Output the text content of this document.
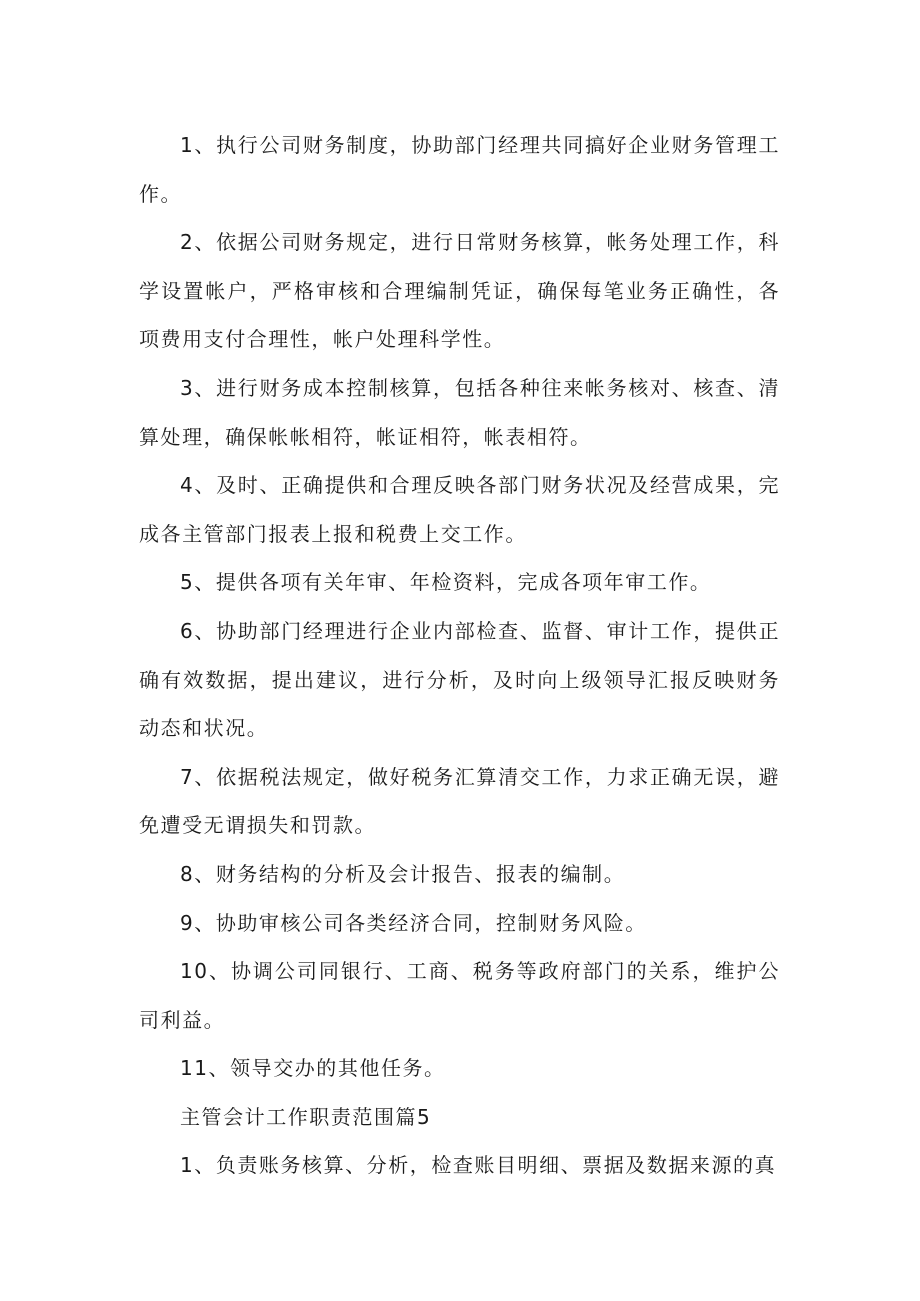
1、执行公司财务制度，协助部门经理共同搞好企业财务管理工作。

2、依据公司财务规定，进行日常财务核算，帐务处理工作，科学设置帐户，严格审核和合理编制凭证，确保每笔业务正确性，各项费用支付合理性，帐户处理科学性。

3、进行财务成本控制核算，包括各种往来帐务核对、核查、清算处理，确保帐帐相符，帐证相符，帐表相符。

4、及时、正确提供和合理反映各部门财务状况及经营成果，完成各主管部门报表上报和税费上交工作。

5、提供各项有关年审、年检资料，完成各项年审工作。

6、协助部门经理进行企业内部检查、监督、审计工作，提供正确有效数据，提出建议，进行分析，及时向上级领导汇报反映财务动态和状况。

7、依据税法规定，做好税务汇算清交工作，力求正确无误，避免遭受无谓损失和罚款。

8、财务结构的分析及会计报告、报表的编制。

9、协助审核公司各类经济合同，控制财务风险。

10、协调公司同银行、工商、税务等政府部门的关系，维护公司利益。

11、领导交办的其他任务。

主管会计工作职责范围篇5

1、负责账务核算、分析，检查账目明细、票据及数据来源的真
